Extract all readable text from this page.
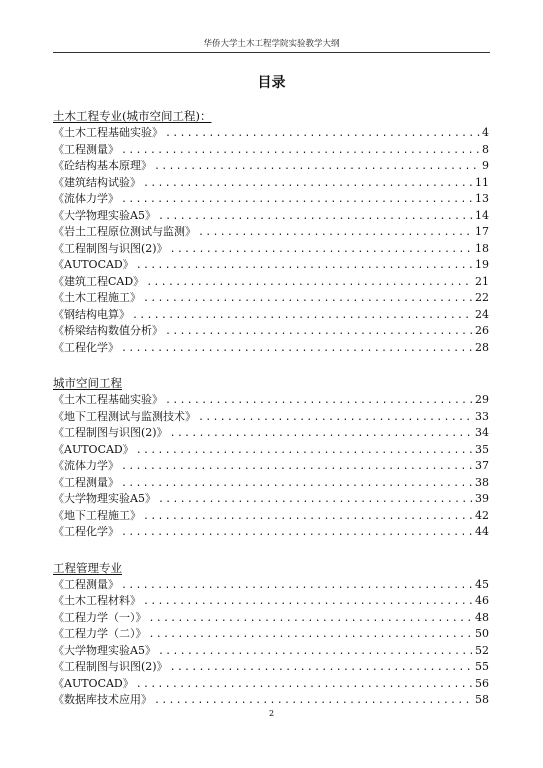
华侨大学土木工程学院实验教学大纲
目录
土木工程专业(城市空间工程)：
《土木工程基础实验》 .....	4
《工程测量》 .....	8
《砼结构基本原理》 .....	9
《建筑结构试验》 .....	11
《流体力学》 .....	13
《大学物理实验A5》 .....	14
《岩土工程原位测试与监测》 .....	17
《工程制图与识图(2)》 .....	18
《AUTOCAD》 .....	19
《建筑工程CAD》 .....	21
《土木工程施工》 .....	22
《钢结构电算》 .....	24
《桥梁结构数值分析》 .....	26
《工程化学》 .....	28
城市空间工程
《土木工程基础实验》 .....	29
《地下工程测试与监测技术》 .....	33
《工程制图与识图(2)》 .....	34
《AUTOCAD》 .....	35
《流体力学》 .....	37
《工程测量》 .....	38
《大学物理实验A5》 .....	39
《地下工程施工》 .....	42
《工程化学》 .....	44
工程管理专业
《工程测量》 .....	45
《土木工程材料》 .....	46
《工程力学（一）》 .....	48
《工程力学（二）》 .....	50
《大学物理实验A5》 .....	52
《工程制图与识图(2)》 .....	55
《AUTOCAD》 .....	56
《数据库技术应用》 .....	58
2
